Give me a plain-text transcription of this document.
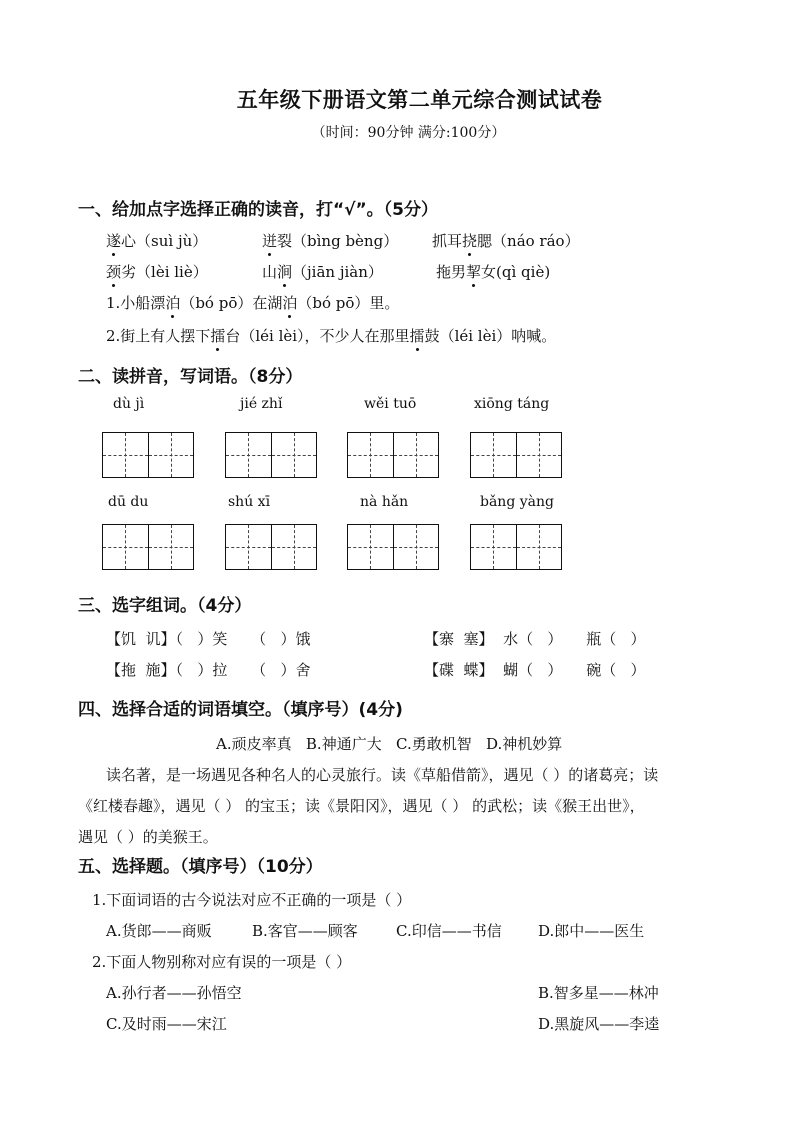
五年级下册语文第二单元综合测试试卷
（时间：90分钟 满分:100分）
一、给加点字选择正确的读音，打“√”。（5分）
遂心（suì jù）	迸裂（bìng bèng） 抓耳挠腮（náo ráo）
颈劣（lèi liè）	山涧（jiān jiàn）	拖男挈女(qì qiè)
1.小船漂泊（bó pō）在湖泊（bó pō）里。
2.街上有人摆下擂台（léi lèi），不少人在那里擂鼓（léi lèi）呐喊。
二、读拼音，写词语。（8分）
dù jì	jié zhǐ	wěi tuō	xiōng táng
dū du	shú xī	nà hǎn	bǎng yàng
三、选字组词。（4分）
【饥  讥】（   ）笑     （   ）饿	【寨  塞】  水（   ）     瓶（   ）
【拖  施】（   ）拉     （   ）舍	【碟  蝶】  蝴（   ）     碗（   ）
四、选择合适的词语填空。（填序号）(4分)
A.顽皮率真   B.神通广大   C.勇敢机智   D.神机妙算
读名著，是一场遇见各种名人的心灵旅行。读《草船借箭》，遇见（ ）的诸葛亮；读
《红楼春趣》，遇见（ ） 的宝玉；读《景阳冈》，遇见（ ） 的武松；读《猴王出世》，
遇见（ ）的美猴王。
五、选择题。（填序号）（10分）
1.下面词语的古今说法对应不正确的一项是（ ）
A.货郎——商贩	B.客官——顾客	C.印信——书信 D.郎中——医生
2.下面人物别称对应有误的一项是（ ）
A.孙行者——孙悟空	B.智多星——林冲
C.及时雨——宋江	D.黑旋风——李逵
